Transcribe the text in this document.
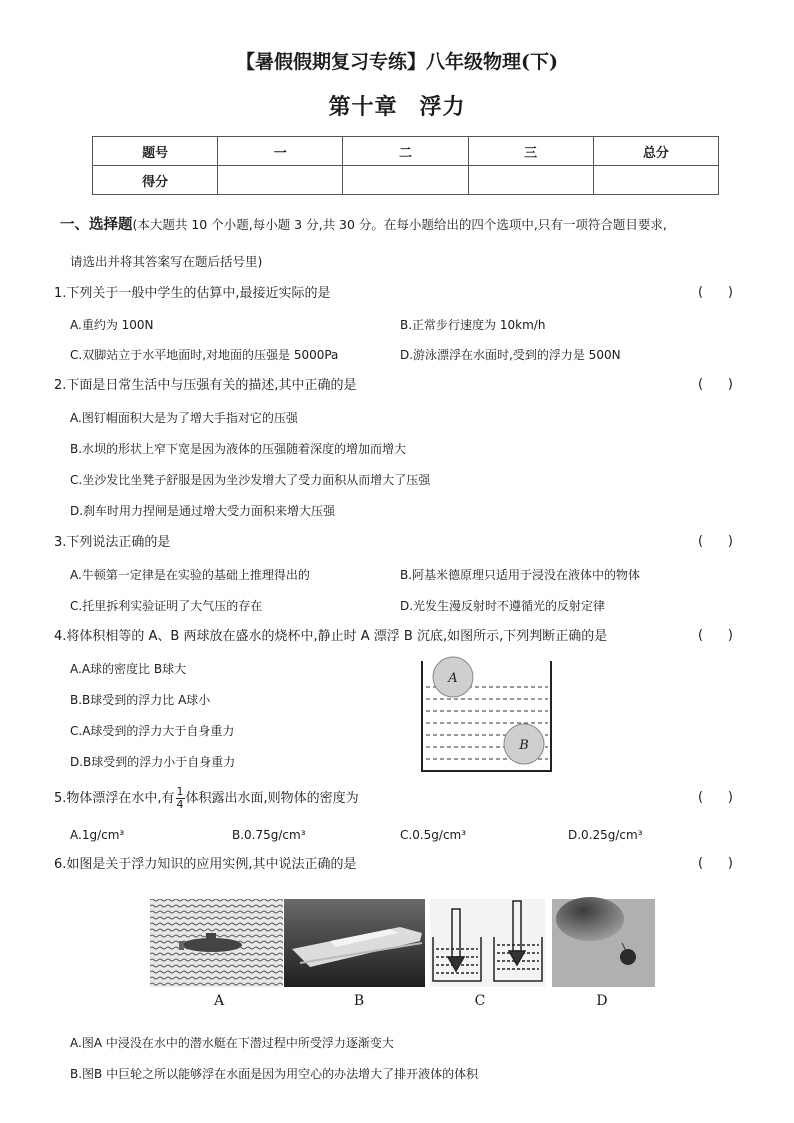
【暑假假期复习专练】八年级物理(下)
第十章 浮力
题号	一	二	三	总分
得分				
一、选择题(本大题共 10 个小题,每小题 3 分,共 30 分。在每小题给出的四个选项中,只有一项符合题目要求,
请选出并将其答案写在题后括号里)
1.下列关于一般中学生的估算中,最接近实际的是	(      )
A.重约为 100N	B.正常步行速度为 10km/h
C.双脚站立于水平地面时,对地面的压强是 5000Pa	D.游泳漂浮在水面时,受到的浮力是 500N
2.下面是日常生活中与压强有关的描述,其中正确的是	(      )
A.图钉帽面积大是为了增大手指对它的压强
B.水坝的形状上窄下宽是因为液体的压强随着深度的增加而增大
C.坐沙发比坐凳子舒服是因为坐沙发增大了受力面积从而增大了压强
D.刹车时用力捏闸是通过增大受力面积来增大压强
3.下列说法正确的是	(      )
A.牛顿第一定律是在实验的基础上推理得出的	B.阿基米德原理只适用于浸没在液体中的物体
C.托里拆利实验证明了大气压的存在	D.光发生漫反射时不遵循光的反射定律
4.将体积相等的 A、B 两球放在盛水的烧杯中,静止时 A 漂浮 B 沉底,如图所示,下列判断正确的是	(      )
A.A球的密度比 B球大
B.B球受到的浮力比 A球小
C.A球受到的浮力大于自身重力
D.B球受到的浮力小于自身重力
A
B
5.物体漂浮在水中,有 $\frac{1}{4}$ 体积露出水面,则物体的密度为	(      )
A.1g/cm³	B.0.75g/cm³	C.0.5g/cm³	D.0.25g/cm³
6.如图是关于浮力知识的应用实例,其中说法正确的是	(      )
A	B	C	D
A.图A 中浸没在水中的潜水艇在下潜过程中所受浮力逐渐变大
B.图B 中巨轮之所以能够浮在水面是因为用空心的办法增大了排开液体的体积
